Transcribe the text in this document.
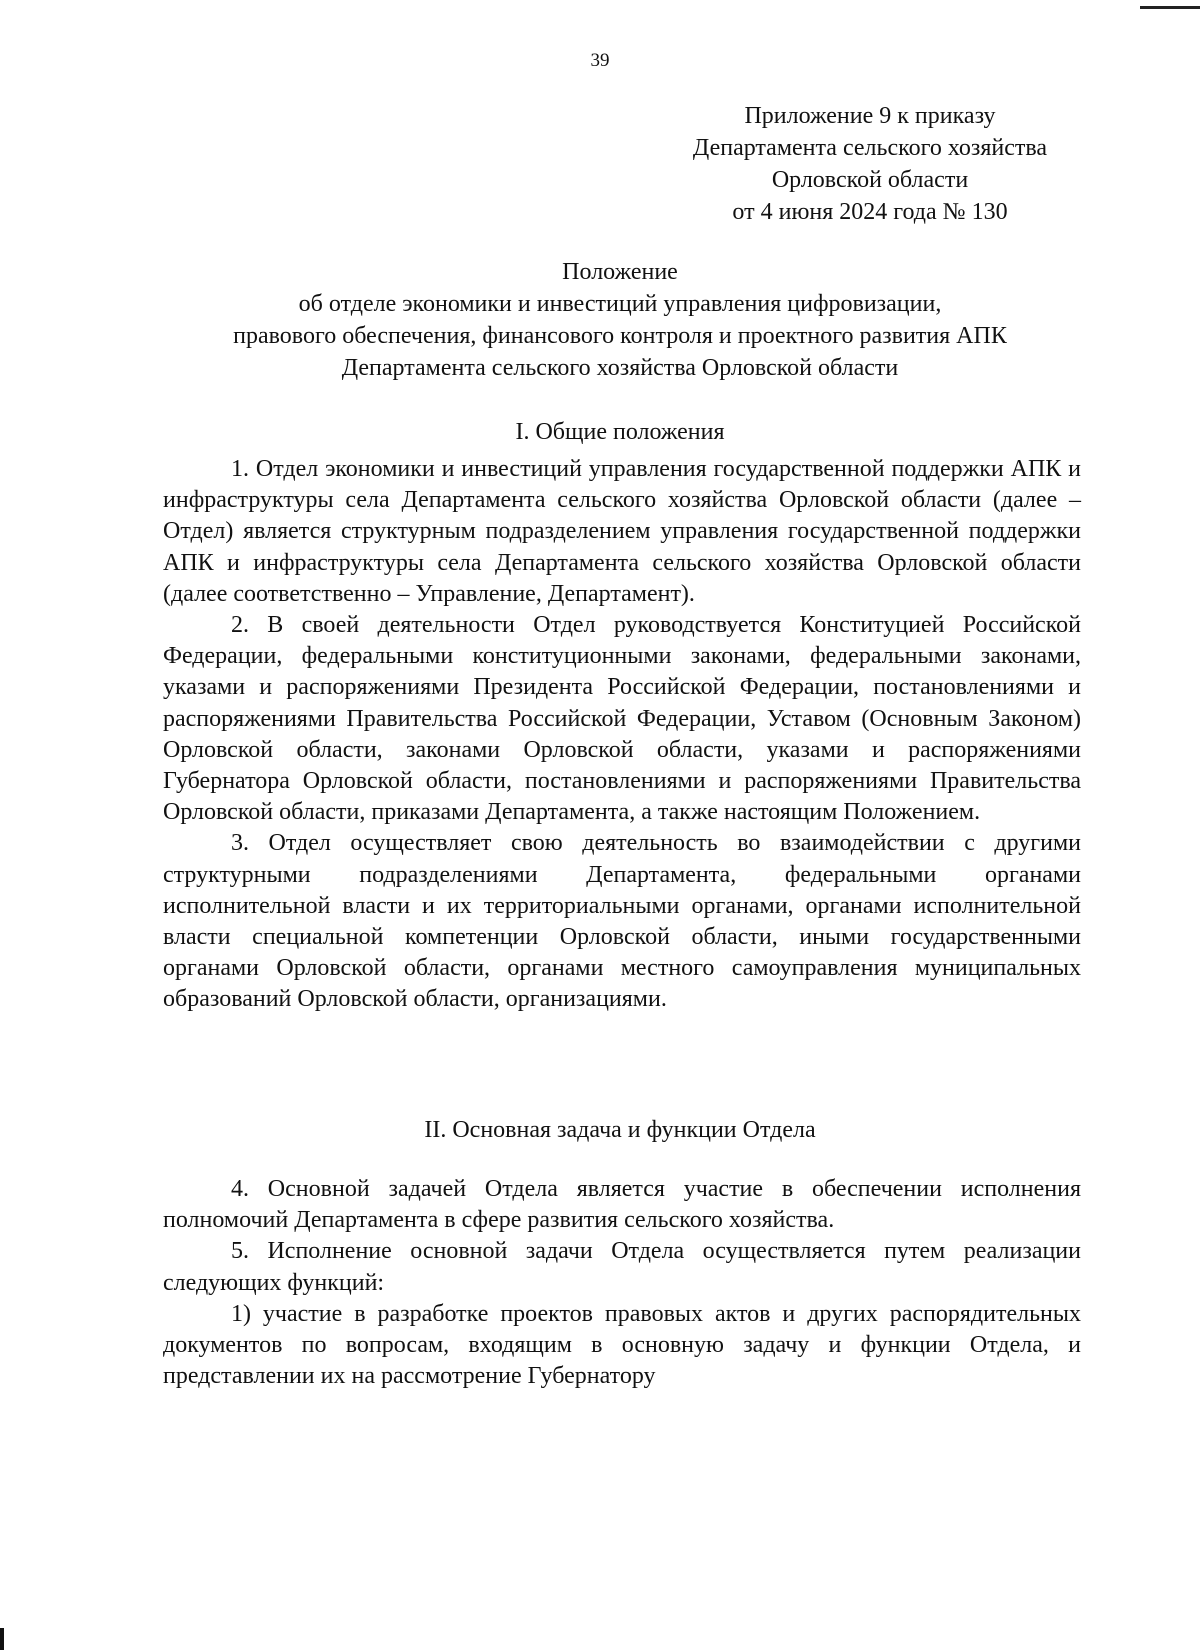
39
Приложение 9 к приказу
Департамента сельского хозяйства
Орловской области
от 4 июня 2024 года № 130
Положение
об отделе экономики и инвестиций управления цифровизации,
правового обеспечения, финансового контроля и проектного развития АПК
Департамента сельского хозяйства Орловской области
I. Общие положения

1. Отдел экономики и инвестиций управления государственной поддержки АПК и инфраструктуры села Департамента сельского хозяйства Орловской области (далее – Отдел) является структурным подразделением управления государственной поддержки АПК и инфраструктуры села Департамента сельского хозяйства Орловской области (далее соответственно – Управление, Департамент).

2. В своей деятельности Отдел руководствуется Конституцией Российской Федерации, федеральными конституционными законами, федеральными законами, указами и распоряжениями Президента Российской Федерации, постановлениями и распоряжениями Правительства Российской Федерации, Уставом (Основным Законом) Орловской области, законами Орловской области, указами и распоряжениями Губернатора Орловской области, постановлениями и распоряжениями Правительства Орловской области, приказами Департамента, а также настоящим Положением.

3. Отдел осуществляет свою деятельность во взаимодействии с другими структурными подразделениями Департамента, федеральными органами исполнительной власти и их территориальными органами, органами исполнительной власти специальной компетенции Орловской области, иными государственными органами Орловской области, органами местного самоуправления муниципальных образований Орловской области, организациями.

II. Основная задача и функции Отдела

4. Основной задачей Отдела является участие в обеспечении исполнения полномочий Департамента в сфере развития сельского хозяйства.

5. Исполнение основной задачи Отдела осуществляется путем реализации следующих функций:

1) участие в разработке проектов правовых актов и других распорядительных документов по вопросам, входящим в основную задачу и функции Отдела, и представлении их на рассмотрение Губернатору
